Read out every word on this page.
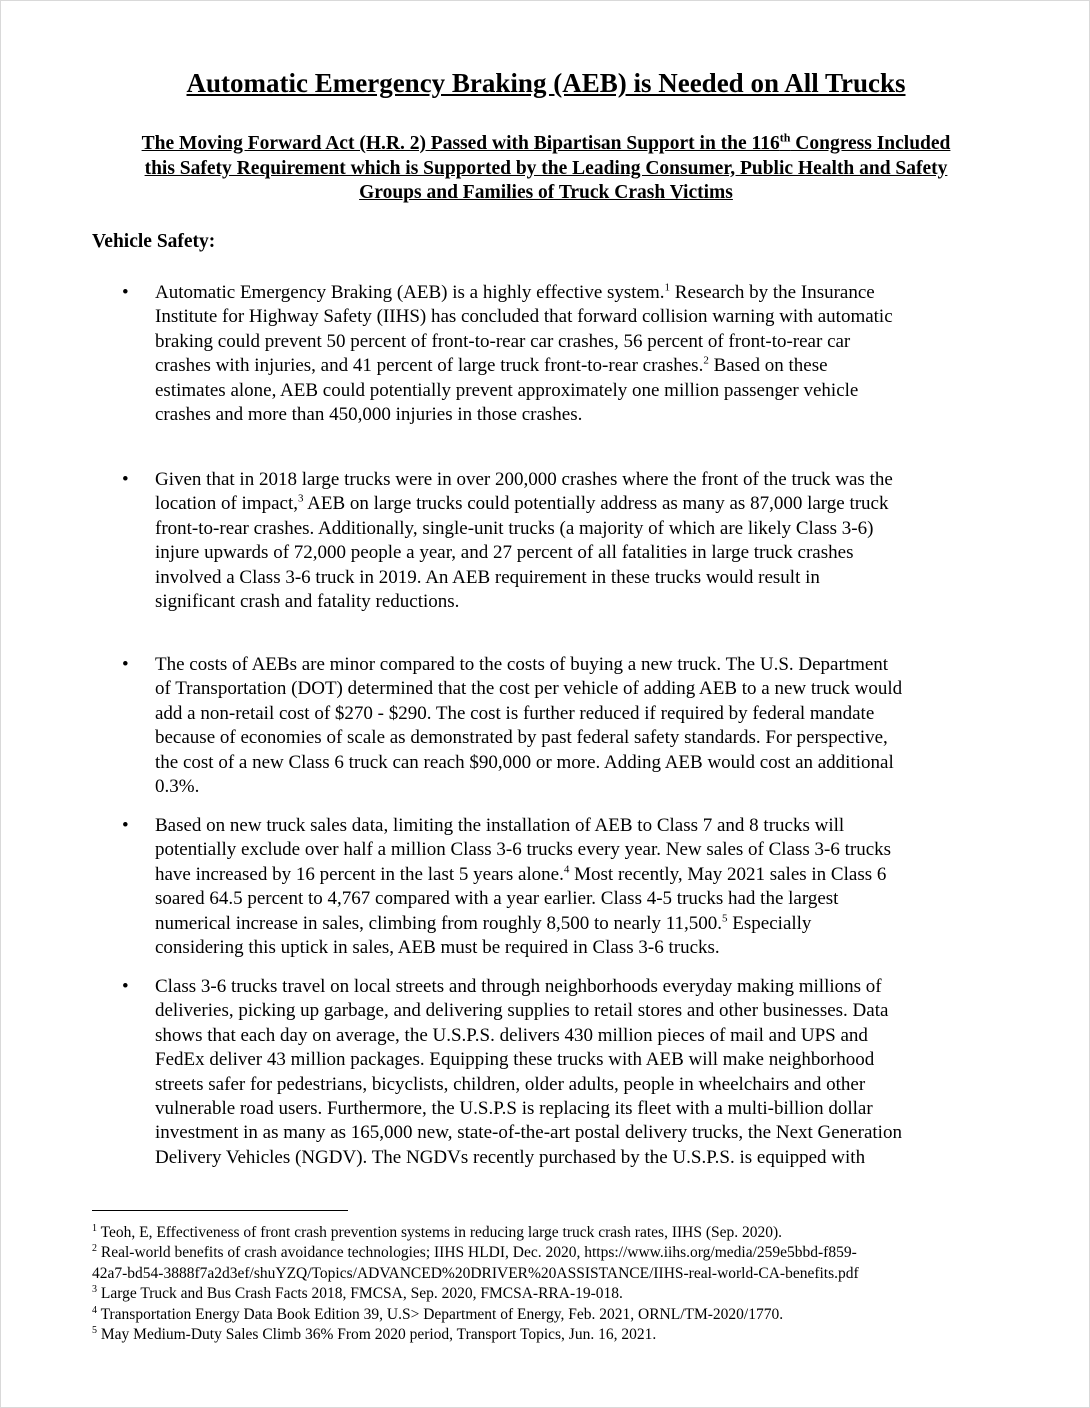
Automatic Emergency Braking (AEB) is Needed on All Trucks
The Moving Forward Act (H.R. 2) Passed with Bipartisan Support in the 116th Congress Included
this Safety Requirement which is Supported by the Leading Consumer, Public Health and Safety
Groups and Families of Truck Crash Victims
Vehicle Safety:
• Automatic Emergency Braking (AEB) is a highly effective system.$^1$ Research by the Insurance
Institute for Highway Safety (IIHS) has concluded that forward collision warning with automatic
braking could prevent 50 percent of front-to-rear car crashes, 56 percent of front-to-rear car
crashes with injuries, and 41 percent of large truck front-to-rear crashes.$^2$ Based on these
estimates alone, AEB could potentially prevent approximately one million passenger vehicle
crashes and more than 450,000 injuries in those crashes.
• Given that in 2018 large trucks were in over 200,000 crashes where the front of the truck was the
location of impact,$^3$ AEB on large trucks could potentially address as many as 87,000 large truck
front-to-rear crashes. Additionally, single-unit trucks (a majority of which are likely Class 3-6)
injure upwards of 72,000 people a year, and 27 percent of all fatalities in large truck crashes
involved a Class 3-6 truck in 2019. An AEB requirement in these trucks would result in
significant crash and fatality reductions.
• The costs of AEBs are minor compared to the costs of buying a new truck. The U.S. Department
of Transportation (DOT) determined that the cost per vehicle of adding AEB to a new truck would
add a non-retail cost of $270 - $290. The cost is further reduced if required by federal mandate
because of economies of scale as demonstrated by past federal safety standards. For perspective,
the cost of a new Class 6 truck can reach $90,000 or more. Adding AEB would cost an additional
0.3%.
• Based on new truck sales data, limiting the installation of AEB to Class 7 and 8 trucks will
potentially exclude over half a million Class 3-6 trucks every year. New sales of Class 3-6 trucks
have increased by 16 percent in the last 5 years alone.$^4$ Most recently, May 2021 sales in Class 6
soared 64.5 percent to 4,767 compared with a year earlier. Class 4-5 trucks had the largest
numerical increase in sales, climbing from roughly 8,500 to nearly 11,500.$^5$ Especially
considering this uptick in sales, AEB must be required in Class 3-6 trucks.
• Class 3-6 trucks travel on local streets and through neighborhoods everyday making millions of
deliveries, picking up garbage, and delivering supplies to retail stores and other businesses. Data
shows that each day on average, the U.S.P.S. delivers 430 million pieces of mail and UPS and
FedEx deliver 43 million packages. Equipping these trucks with AEB will make neighborhood
streets safer for pedestrians, bicyclists, children, older adults, people in wheelchairs and other
vulnerable road users. Furthermore, the U.S.P.S is replacing its fleet with a multi-billion dollar
investment in as many as 165,000 new, state-of-the-art postal delivery trucks, the Next Generation
Delivery Vehicles (NGDV). The NGDVs recently purchased by the U.S.P.S. is equipped with
$^1$ Teoh, E, Effectiveness of front crash prevention systems in reducing large truck crash rates, IIHS (Sep. 2020).
$^2$ Real-world benefits of crash avoidance technologies; IIHS HLDI, Dec. 2020, https://www.iihs.org/media/259e5bbd-f859-
42a7-bd54-3888f7a2d3ef/shuYZQ/Topics/ADVANCED%20DRIVER%20ASSISTANCE/IIHS-real-world-CA-benefits.pdf
$^3$ Large Truck and Bus Crash Facts 2018, FMCSA, Sep. 2020, FMCSA-RRA-19-018.
$^4$ Transportation Energy Data Book Edition 39, U.S> Department of Energy, Feb. 2021, ORNL/TM-2020/1770.
$^5$ May Medium-Duty Sales Climb 36% From 2020 period, Transport Topics, Jun. 16, 2021.
